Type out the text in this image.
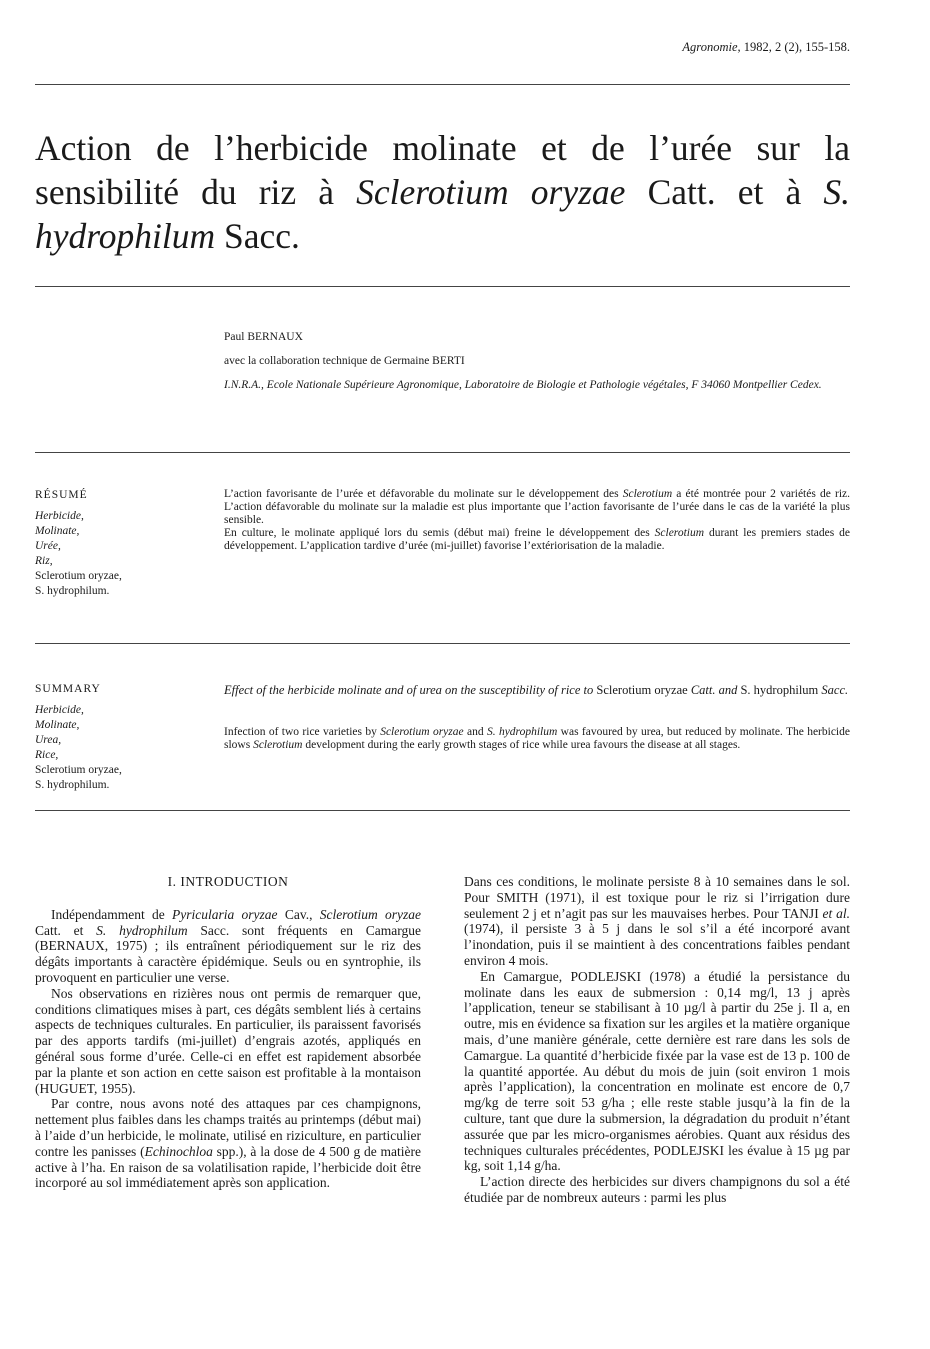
Agronomie, 1982, 2 (2), 155-158.
Action de l’herbicide molinate et de l’urée sur la sensibilité du riz à Sclerotium oryzae Catt. et à S. hydrophilum Sacc.

Paul BERNAUX

avec la collaboration technique de Germaine BERTI

I.N.R.A., Ecole Nationale Supérieure Agronomique, Laboratoire de Biologie et Pathologie végétales, F 34060 Montpellier Cedex.

RÉSUMÉ
Herbicide,
Molinate,
Urée,
Riz,
Sclerotium oryzae,
S. hydrophilum.

L’action favorisante de l’urée et défavorable du molinate sur le développement des Sclerotium a été montrée pour 2 variétés de riz. L’action défavorable du molinate sur la maladie est plus importante que l’action favorisante de l’urée dans le cas de la variété la plus sensible.

En culture, le molinate appliqué lors du semis (début mai) freine le développement des Sclerotium durant les premiers stades de développement. L’application tardive d’urée (mi-juillet) favorise l’extériorisation de la maladie.

SUMMARY
Herbicide,
Molinate,
Urea,
Rice,
Sclerotium oryzae,
S. hydrophilum.

Effect of the herbicide molinate and of urea on the susceptibility of rice to Sclerotium oryzae Catt. and S. hydrophilum Sacc.

Infection of two rice varieties by Sclerotium oryzae and S. hydrophilum was favoured by urea, but reduced by molinate. The herbicide slows Sclerotium development during the early growth stages of rice while urea favours the disease at all stages.

I. INTRODUCTION

Indépendamment de Pyricularia oryzae Cav., Sclerotium oryzae Catt. et S. hydrophilum Sacc. sont fréquents en Camargue (BERNAUX, 1975) ; ils entraînent périodiquement sur le riz des dégâts importants à caractère épidémique. Seuls ou en syntrophie, ils provoquent en particulier une verse.

Nos observations en rizières nous ont permis de remarquer que, conditions climatiques mises à part, ces dégâts semblent liés à certains aspects de techniques culturales. En particulier, ils paraissent favorisés par des apports tardifs (mi-juillet) d’engrais azotés, appliqués en général sous forme d’urée. Celle-ci en effet est rapidement absorbée par la plante et son action en cette saison est profitable à la montaison (HUGUET, 1955).

Par contre, nous avons noté des attaques par ces champignons, nettement plus faibles dans les champs traités au printemps (début mai) à l’aide d’un herbicide, le molinate, utilisé en riziculture, en particulier contre les panisses (Echinochloa spp.), à la dose de 4 500 g de matière active à l’ha. En raison de sa volatilisation rapide, l’herbicide doit être incorporé au sol immédiatement après son application.

Dans ces conditions, le molinate persiste 8 à 10 semaines dans le sol. Pour SMITH (1971), il est toxique pour le riz si l’irrigation dure seulement 2 j et n’agit pas sur les mauvaises herbes. Pour TANJI et al. (1974), il persiste 3 à 5 j dans le sol s’il a été incorporé avant l’inondation, puis il se maintient à des concentrations faibles pendant environ 4 mois.

En Camargue, PODLEJSKI (1978) a étudié la persistance du molinate dans les eaux de submersion : 0,14 mg/l, 13 j après l’application, teneur se stabilisant à 10 µg/l à partir du 25e j. Il a, en outre, mis en évidence sa fixation sur les argiles et la matière organique mais, d’une manière générale, cette dernière est rare dans les sols de Camargue. La quantité d’herbicide fixée par la vase est de 13 p. 100 de la quantité apportée. Au début du mois de juin (soit environ 1 mois après l’application), la concentration en molinate est encore de 0,7 mg/kg de terre soit 53 g/ha ; elle reste stable jusqu’à la fin de la culture, tant que dure la submersion, la dégradation du produit n’étant assurée que par les micro-organismes aérobies. Quant aux résidus des techniques culturales précédentes, PODLEJSKI les évalue à 15 µg par kg, soit 1,14 g/ha.

L’action directe des herbicides sur divers champignons du sol a été étudiée par de nombreux auteurs : parmi les plus
